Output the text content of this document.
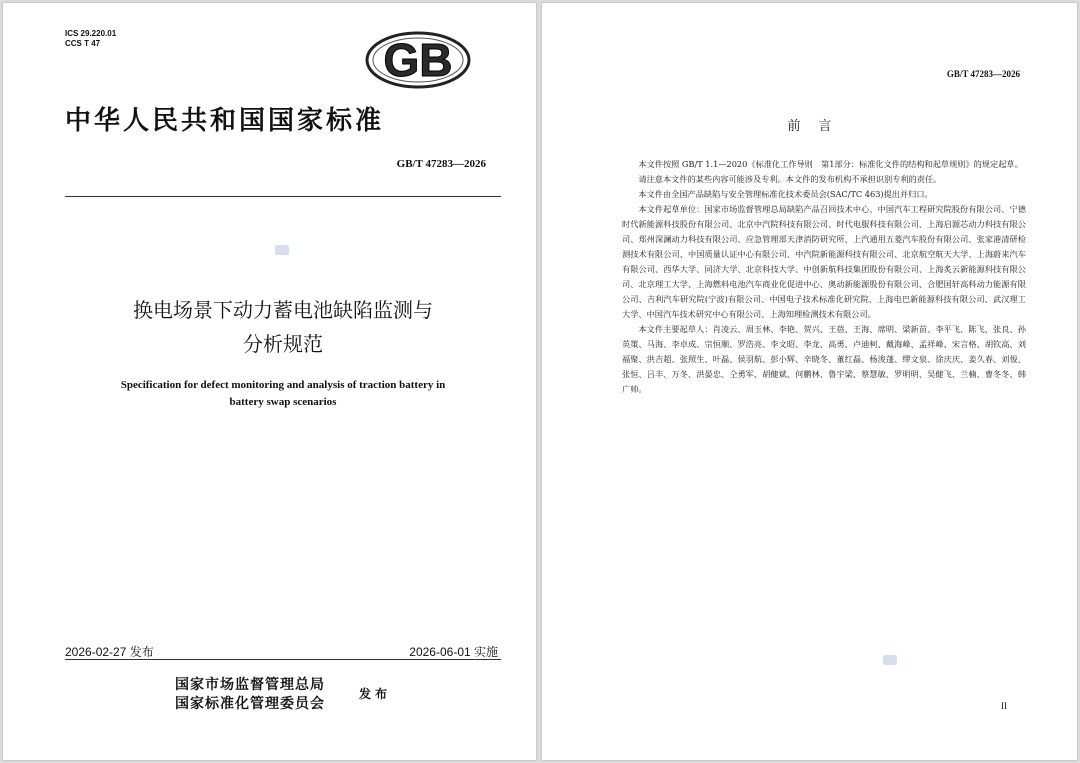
ICS 29.220.01
CCS T 47	GB
中华人民共和国国家标准
GB/T 47283—2026
换电场景下动力蓄电池缺陷监测与
分析规范
Specification for defect monitoring and analysis of traction battery in
battery swap scenarios
2026-02-27 发布	2026-06-01 实施
国家市场监督管理总局
国家标准化管理委员会
发布
GB/T 47283—2026
前言

本文件按照 GB/T 1.1—2020《标准化工作导则　第1部分：标准化文件的结构和起草规则》的规定起草。

请注意本文件的某些内容可能涉及专利。本文件的发布机构不承担识别专利的责任。

本文件由全国产品缺陷与安全管理标准化技术委员会(SAC/TC 463)提出并归口。

本文件起草单位：国家市场监督管理总局缺陷产品召回技术中心、中国汽车工程研究院股份有限公司、宁德时代新能源科技股份有限公司、北京中汽院科技有限公司、时代电服科技有限公司、上海启源芯动力科技有限公司、郑州深澜动力科技有限公司、应急管理部天津消防研究所、上汽通用五菱汽车股份有限公司、张家港清研检测技术有限公司、中国质量认证中心有限公司、中汽院新能源科技有限公司、北京航空航天大学、上海蔚来汽车有限公司、西华大学、同济大学、北京科技大学、中创新航科技集团股份有限公司、上海炙云新能源科技有限公司、北京理工大学、上海燃料电池汽车商业化促进中心、奥动新能源股份有限公司、合肥国轩高科动力能源有限公司、吉利汽车研究院(宁波)有限公司、中国电子技术标准化研究院、上海电巴新能源科技有限公司、武汉理工大学、中国汽车技术研究中心有限公司、上海知理检测技术有限公司。

本文件主要起草人：肖凌云、周玉林、李艳、贺兴、王蓓、王海、席明、梁新苗、李平飞、陈飞、张良、孙英策、马海、李卓成、宗恒顺、罗浩亮、李文昭、李龙、高勇、卢迪柯、戴海峰、孟祥峰、宋言格、胡钦高、刘福聚、洪吉超、张照生、叶磊、侯羽航、彭小辉、辛晓冬、董红磊、杨浚蓬、缪文泉、徐庆庆、姜久春、刘俊、张恒、吕丰、万冬、洪晏忠、仝勇军、胡健斌、何鹏林、鲁宇梁、蔡慧敏、罗明明、吴健飞、兰楠、曹冬冬、韩广帅。

II
